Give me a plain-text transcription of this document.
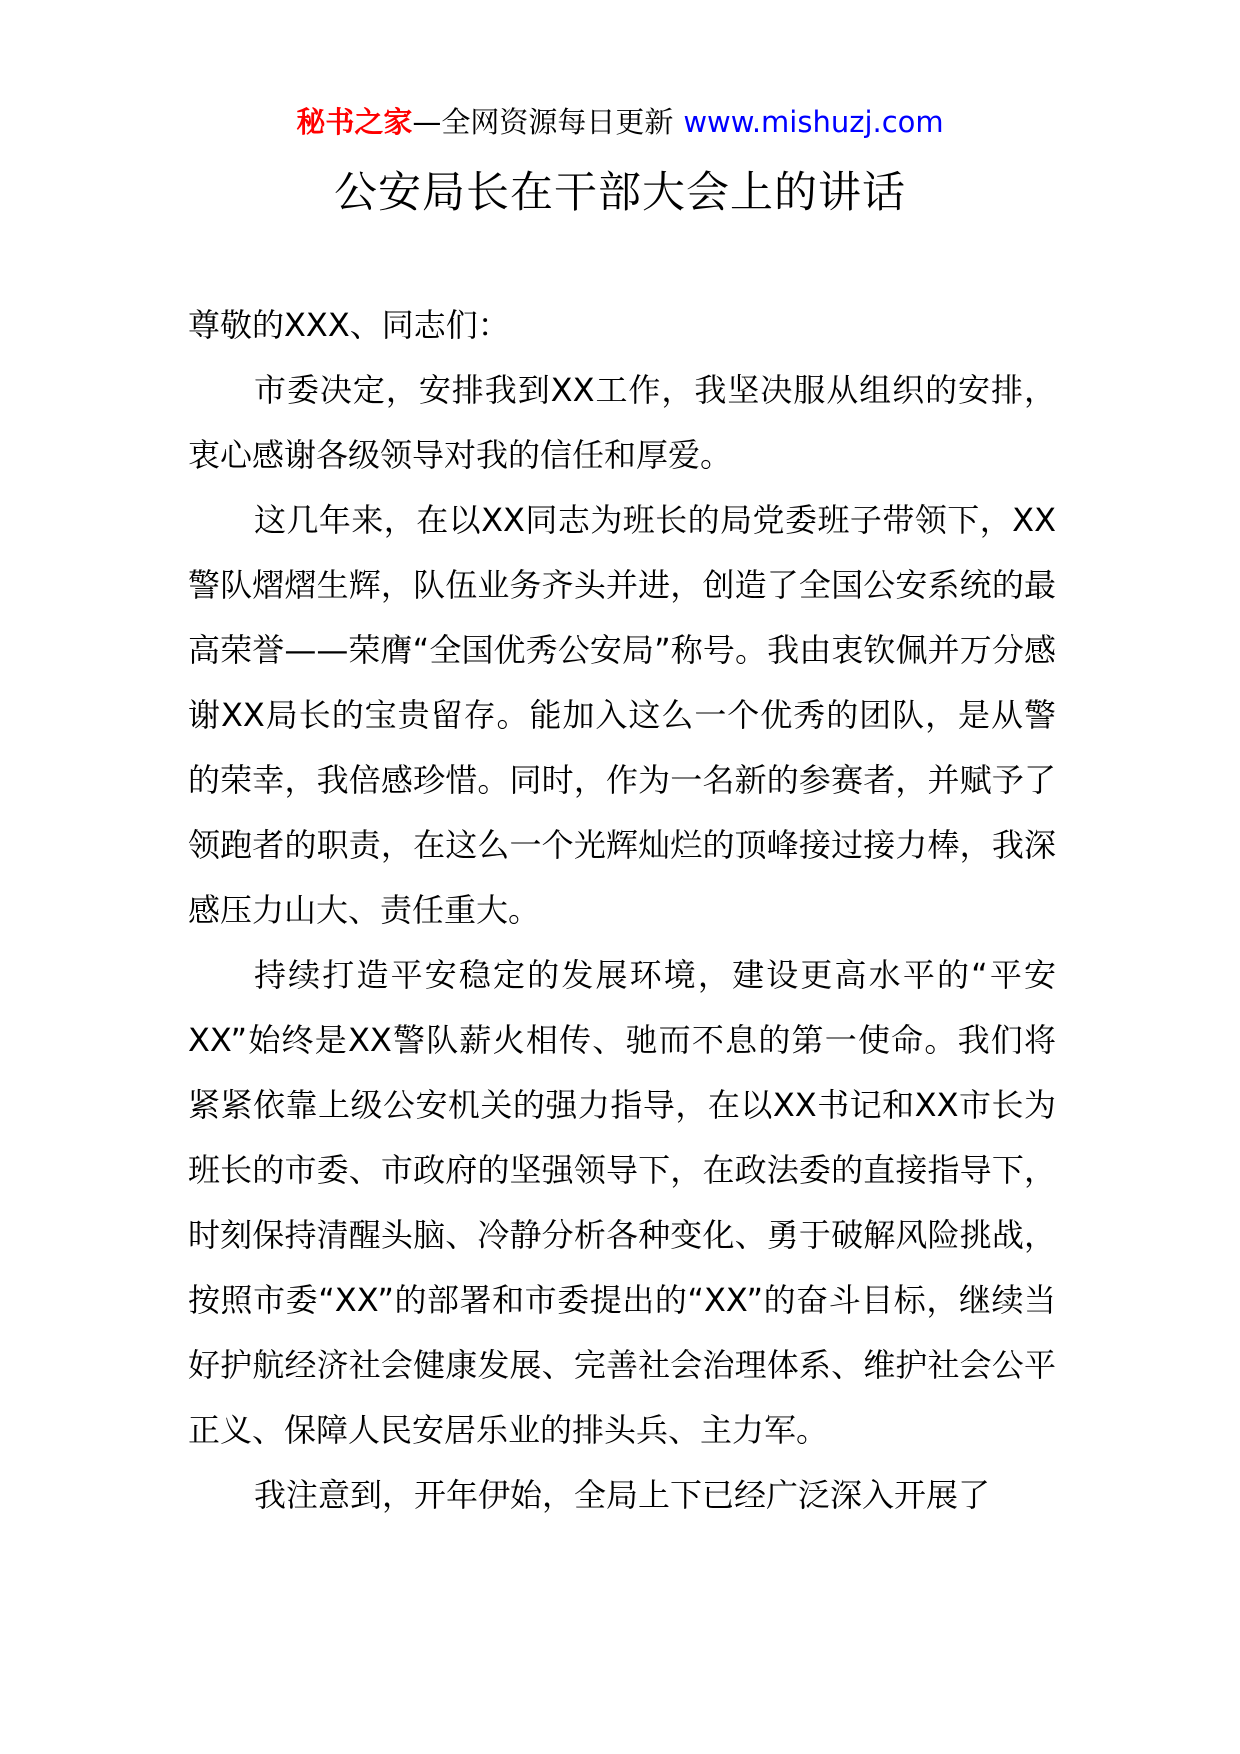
秘书之家—全网资源每日更新 www.mishuzj.com
公安局长在干部大会上的讲话

尊敬的XXX、同志们：

市委决定，安排我到XX工作，我坚决服从组织的安排，衷心感谢各级领导对我的信任和厚爱。

这几年来，在以XX同志为班长的局党委班子带领下，XX警队熠熠生辉，队伍业务齐头并进，创造了全国公安系统的最高荣誉——荣膺“全国优秀公安局”称号。我由衷钦佩并万分感谢XX局长的宝贵留存。能加入这么一个优秀的团队，是从警的荣幸，我倍感珍惜。同时，作为一名新的参赛者，并赋予了领跑者的职责，在这么一个光辉灿烂的顶峰接过接力棒，我深感压力山大、责任重大。

持续打造平安稳定的发展环境，建设更高水平的“平安XX”始终是XX警队薪火相传、驰而不息的第一使命。我们将紧紧依靠上级公安机关的强力指导，在以XX书记和XX市长为班长的市委、市政府的坚强领导下，在政法委的直接指导下，时刻保持清醒头脑、冷静分析各种变化、勇于破解风险挑战，按照市委“XX”的部署和市委提出的“XX”的奋斗目标，继续当好护航经济社会健康发展、完善社会治理体系、维护社会公平正义、保障人民安居乐业的排头兵、主力军。

我注意到，开年伊始，全局上下已经广泛深入开展了
